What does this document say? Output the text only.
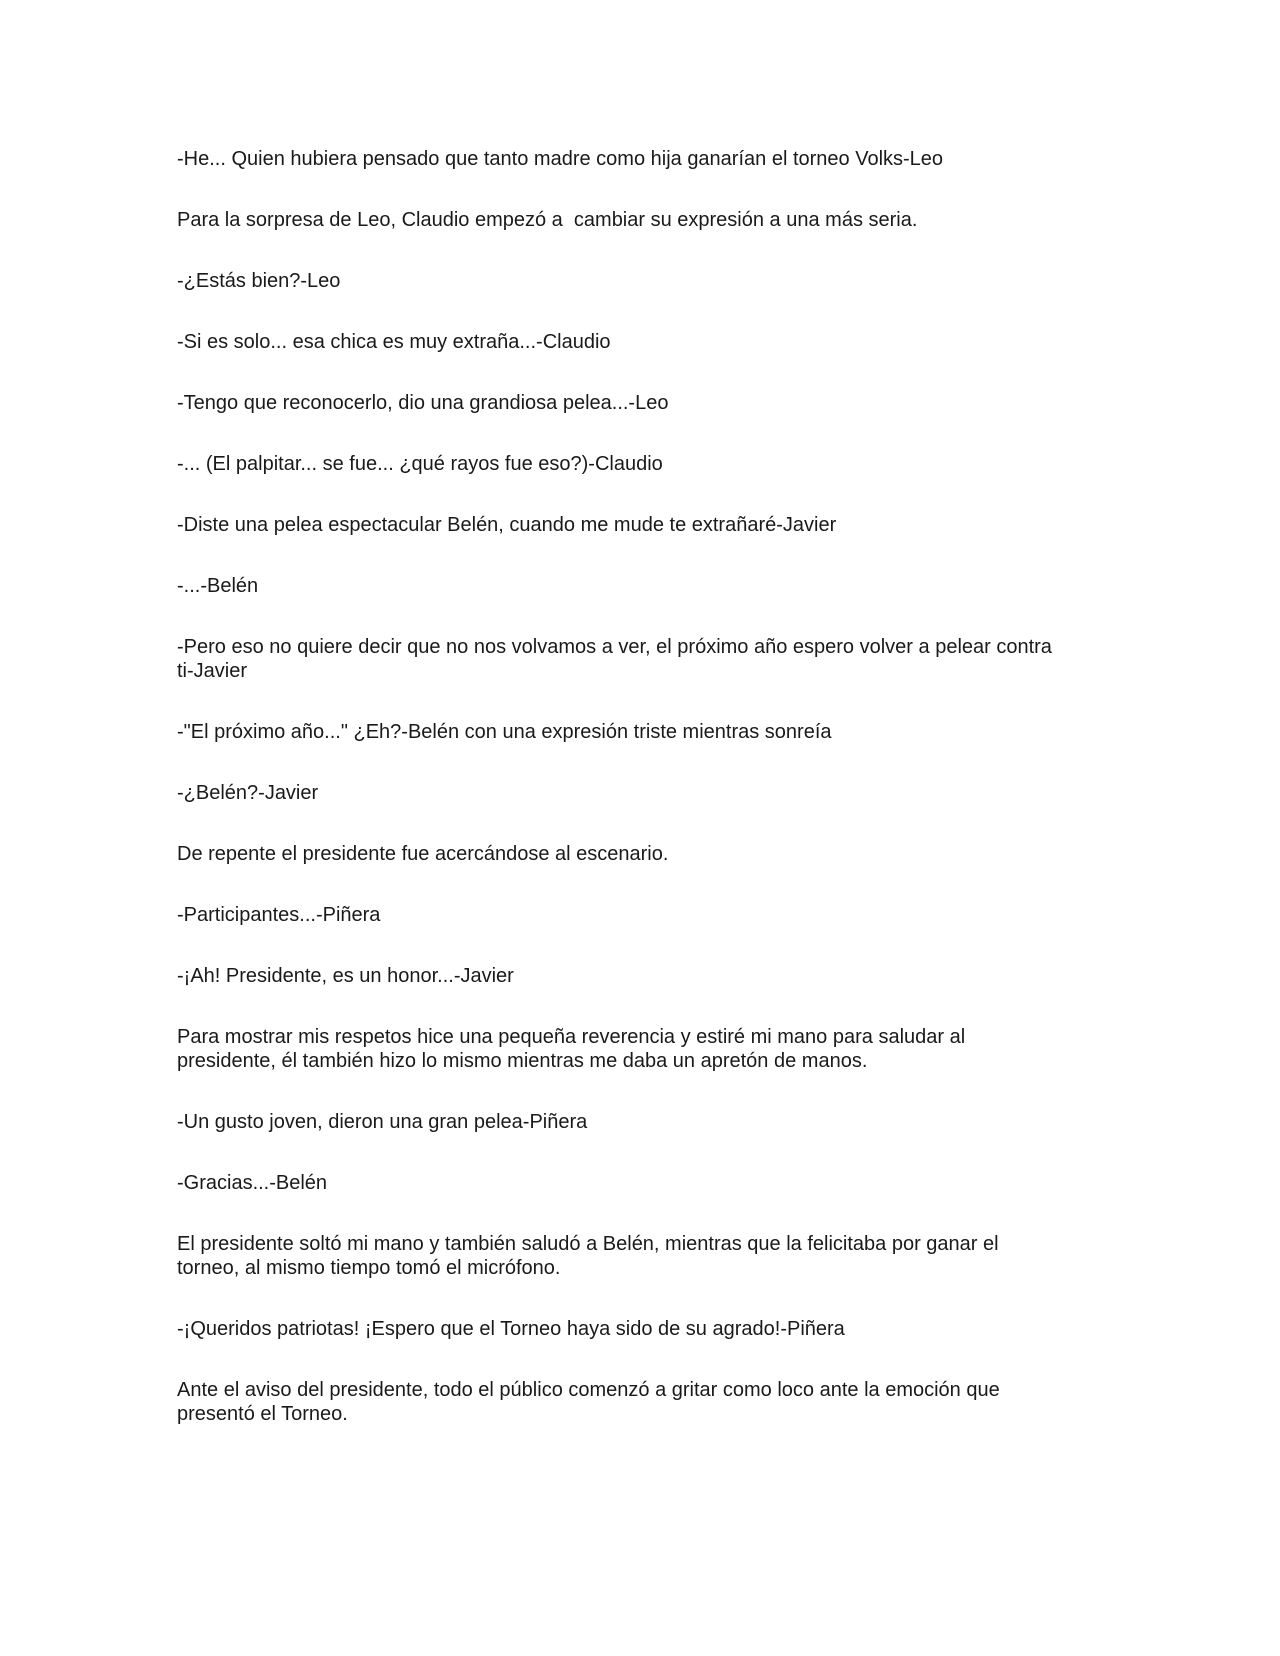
-He... Quien hubiera pensado que tanto madre como hija ganarían el torneo Volks-Leo

Para la sorpresa de Leo, Claudio empezó a  cambiar su expresión a una más seria.

-¿Estás bien?-Leo

-Si es solo... esa chica es muy extraña...-Claudio

-Tengo que reconocerlo, dio una grandiosa pelea...-Leo

-... (El palpitar... se fue... ¿qué rayos fue eso?)-Claudio

-Diste una pelea espectacular Belén, cuando me mude te extrañaré-Javier

-...-Belén

-Pero eso no quiere decir que no nos volvamos a ver, el próximo año espero volver a pelear contra
ti-Javier

-"El próximo año..." ¿Eh?-Belén con una expresión triste mientras sonreía

-¿Belén?-Javier

De repente el presidente fue acercándose al escenario.

-Participantes...-Piñera

-¡Ah! Presidente, es un honor...-Javier

Para mostrar mis respetos hice una pequeña reverencia y estiré mi mano para saludar al
presidente, él también hizo lo mismo mientras me daba un apretón de manos.

-Un gusto joven, dieron una gran pelea-Piñera

-Gracias...-Belén

El presidente soltó mi mano y también saludó a Belén, mientras que la felicitaba por ganar el
torneo, al mismo tiempo tomó el micrófono.

-¡Queridos patriotas! ¡Espero que el Torneo haya sido de su agrado!-Piñera

Ante el aviso del presidente, todo el público comenzó a gritar como loco ante la emoción que
presentó el Torneo.
